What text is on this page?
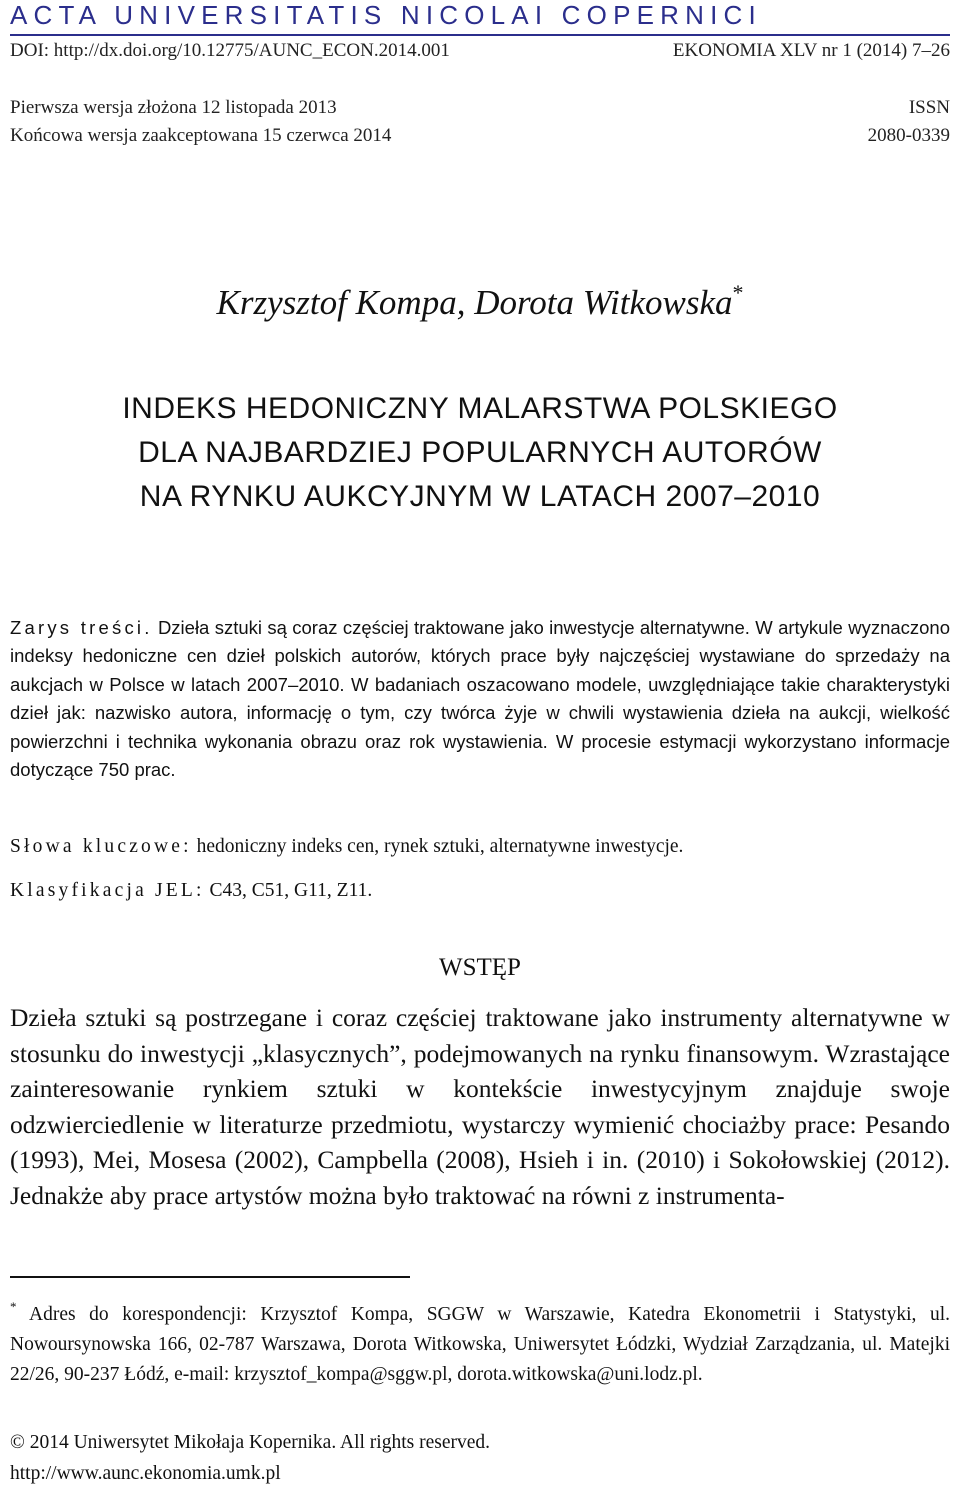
ACTA UNIVERSITATIS NICOLAI COPERNICI
DOI: http://dx.doi.org/10.12775/AUNC_ECON.2014.001	EKONOMIA XLV nr 1 (2014) 7–26
Pierwsza wersja złożona 12 listopada 2013	ISSN
Końcowa wersja zaakceptowana 15 czerwca 2014	2080-0339
Krzysztof Kompa, Dorota Witkowska*
INDEKS HEDONICZNY MALARSTWA POLSKIEGO
DLA NAJBARDZIEJ POPULARNYCH AUTORÓW
NA RYNKU AUKCYJNYM W LATACH 2007–2010

Zarys treści. Dzieła sztuki są coraz częściej traktowane jako inwestycje alternatywne. W artykule wyznaczono indeksy hedoniczne cen dzieł polskich autorów, których prace były najczęściej wystawiane do sprzedaży na aukcjach w Polsce w latach 2007–2010. W badaniach oszacowano modele, uwzględniające takie charakterystyki dzieł jak: nazwisko autora, informację o tym, czy twórca żyje w chwili wystawienia dzieła na aukcji, wielkość powierzchni i technika wykonania obrazu oraz rok wystawienia. W procesie estymacji wykorzystano informacje dotyczące 750 prac.

Słowa kluczowe: hedoniczny indeks cen, rynek sztuki, alternatywne inwestycje.
Klasyfikacja JEL: C43, C51, G11, Z11.
WSTĘP

Dzieła sztuki są postrzegane i coraz częściej traktowane jako instrumenty alternatywne w stosunku do inwestycji „klasycznych”, podejmowanych na rynku finansowym. Wzrastające zainteresowanie rynkiem sztuki w kontekście inwestycyjnym znajduje swoje odzwierciedlenie w literaturze przedmiotu, wystarczy wymienić chociażby prace: Pesando (1993), Mei, Mosesa (2002), Campbella (2008), Hsieh i in. (2010) i Sokołowskiej (2012). Jednakże aby prace artystów można było traktować na równi z instrumenta-

* Adres do korespondencji: Krzysztof Kompa, SGGW w Warszawie, Katedra Ekonometrii i Statystyki, ul. Nowoursynowska 166, 02-787 Warszawa, Dorota Witkowska, Uniwersytet Łódzki, Wydział Zarządzania, ul. Matejki 22/26, 90-237 Łódź, e-mail: krzysztof_kompa@sggw.pl, dorota.witkowska@uni.lodz.pl.
© 2014 Uniwersytet Mikołaja Kopernika. All rights reserved.
http://www.aunc.ekonomia.umk.pl
